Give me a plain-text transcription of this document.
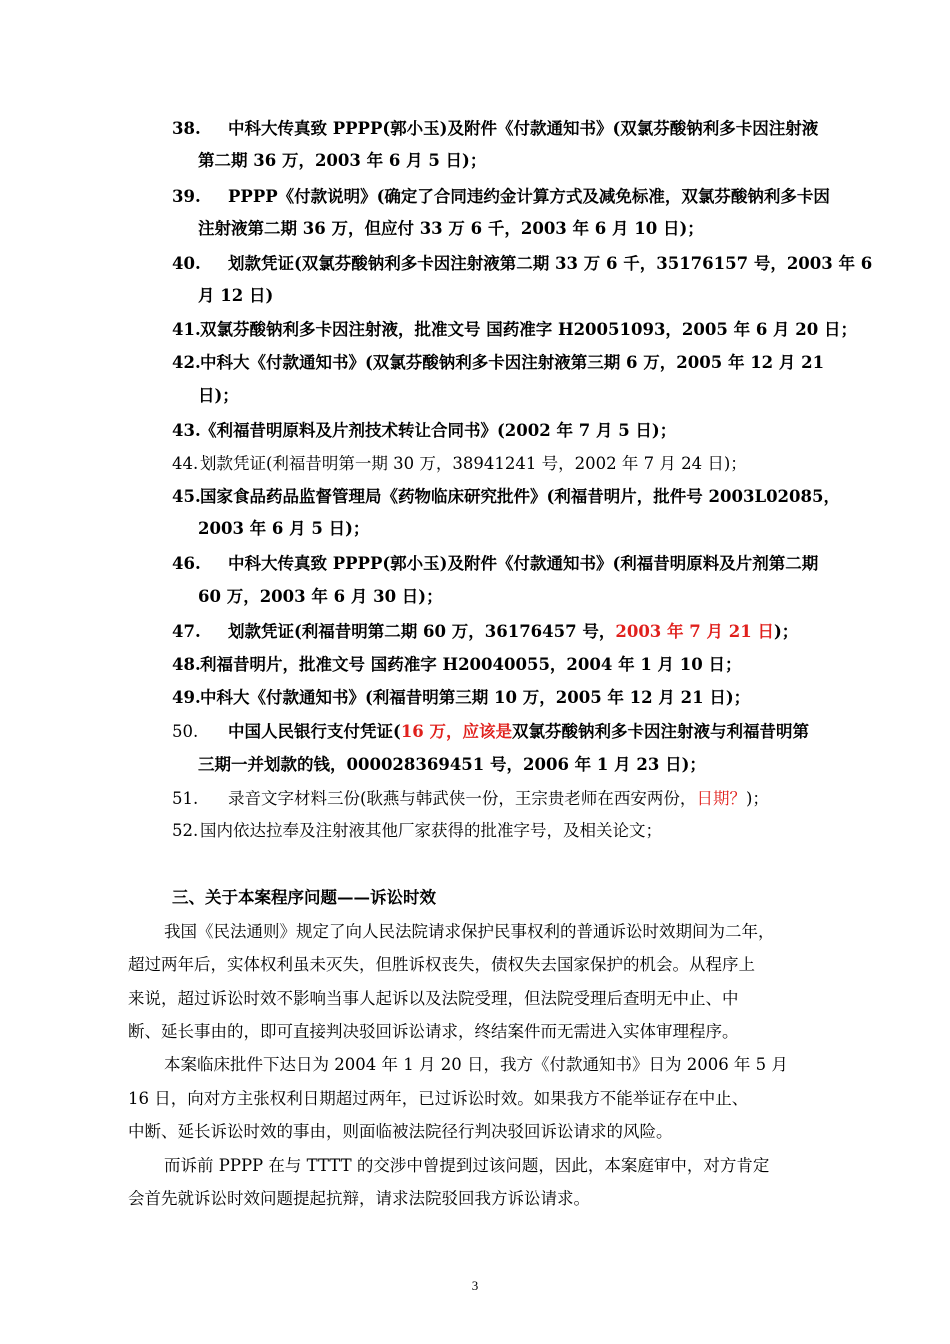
38. 中科大传真致 PPPP(郭小玉)及附件《付款通知书》(双氯芬酸钠利多卡因注射液
第二期 36 万，2003 年 6 月 5 日)；
39. PPPP《付款说明》(确定了合同违约金计算方式及减免标准，双氯芬酸钠利多卡因
注射液第二期 36 万，但应付 33 万 6 千，2003 年 6 月 10 日)；
40. 划款凭证(双氯芬酸钠利多卡因注射液第二期 33 万 6 千，35176157 号，2003 年 6
月 12 日)
41.双氯芬酸钠利多卡因注射液，批准文号 国药准字 H20051093，2005 年 6 月 20 日；
42.中科大《付款通知书》(双氯芬酸钠利多卡因注射液第三期 6 万，2005 年 12 月 21
日)；
43.《利福昔明原料及片剂技术转让合同书》(2002 年 7 月 5 日)；
44. 划款凭证(利福昔明第一期 30 万，38941241 号，2002 年 7 月 24 日)；
45.国家食品药品监督管理局《药物临床研究批件》(利福昔明片，批件号 2003L02085，
2003 年 6 月 5 日)；
46. 中科大传真致 PPPP(郭小玉)及附件《付款通知书》(利福昔明原料及片剂第二期
60 万，2003 年 6 月 30 日)；
47. 划款凭证(利福昔明第二期 60 万，36176457 号，2003 年 7 月 21 日)；
48.利福昔明片，批准文号 国药准字 H20040055，2004 年 1 月 10 日；
49.中科大《付款通知书》(利福昔明第三期 10 万，2005 年 12 月 21 日)；
50. 中国人民银行支付凭证(16 万，应该是双氯芬酸钠利多卡因注射液与利福昔明第
三期一并划款的钱，000028369451 号，2006 年 1 月 23 日)；
51. 录音文字材料三份(耿燕与韩武侠一份，王宗贵老师在西安两份，日期？)；
52. 国内依达拉奉及注射液其他厂家获得的批准字号，及相关论文；
三、关于本案程序问题——诉讼时效
我国《民法通则》规定了向人民法院请求保护民事权利的普通诉讼时效期间为二年，
超过两年后，实体权利虽未灭失，但胜诉权丧失，债权失去国家保护的机会。从程序上
来说，超过诉讼时效不影响当事人起诉以及法院受理，但法院受理后查明无中止、中
断、延长事由的，即可直接判决驳回诉讼请求，终结案件而无需进入实体审理程序。
本案临床批件下达日为 2004 年 1 月 20 日，我方《付款通知书》日为 2006 年 5 月
16 日，向对方主张权利日期超过两年，已过诉讼时效。如果我方不能举证存在中止、
中断、延长诉讼时效的事由，则面临被法院径行判决驳回诉讼请求的风险。
而诉前 PPPP 在与 TTTT 的交涉中曾提到过该问题，因此，本案庭审中，对方肯定
会首先就诉讼时效问题提起抗辩，请求法院驳回我方诉讼请求。
3
